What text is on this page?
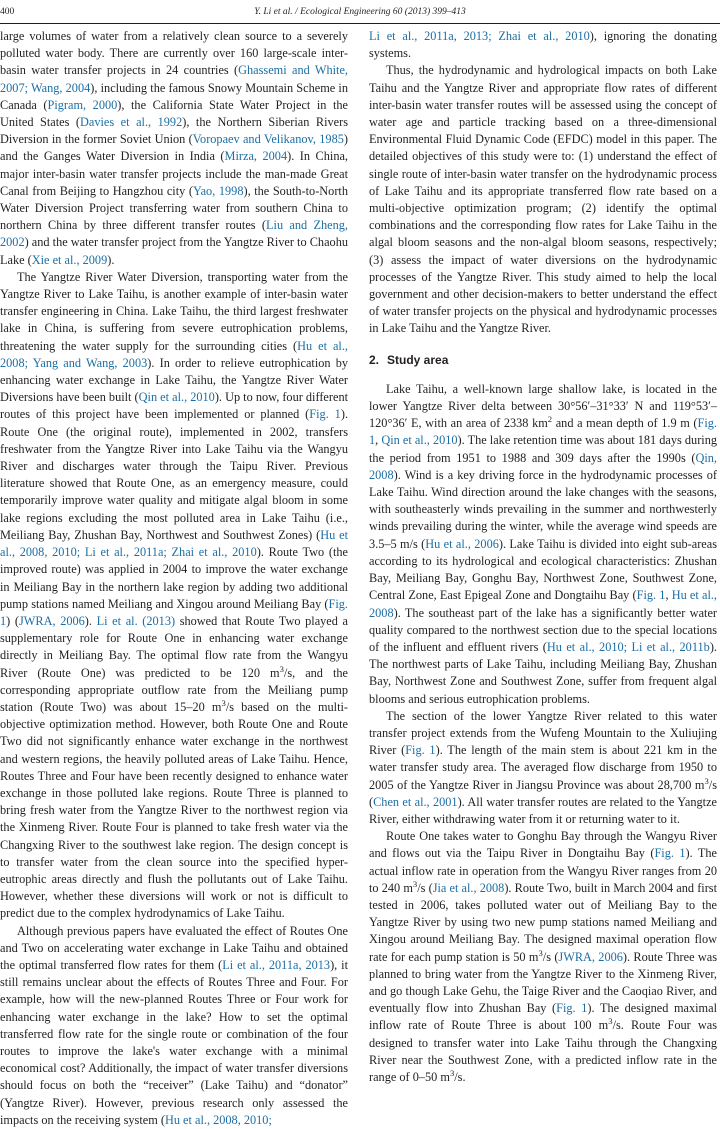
400	Y. Li et al. / Ecological Engineering 60 (2013) 399–413

large volumes of water from a relatively clean source to a severely polluted water body. There are currently over 160 large-scale inter-basin water transfer projects in 24 countries (Ghassemi and White, 2007; Wang, 2004), including the famous Snowy Mountain Scheme in Canada (Pigram, 2000), the California State Water Project in the United States (Davies et al., 1992), the Northern Siberian Rivers Diversion in the former Soviet Union (Voropaev and Velikanov, 1985) and the Ganges Water Diversion in India (Mirza, 2004). In China, major inter-basin water transfer projects include the man-made Great Canal from Beijing to Hangzhou city (Yao, 1998), the South-to-North Water Diversion Project transferring water from southern China to northern China by three different transfer routes (Liu and Zheng, 2002) and the water transfer project from the Yangtze River to Chaohu Lake (Xie et al., 2009).

The Yangtze River Water Diversion, transporting water from the Yangtze River to Lake Taihu, is another example of inter-basin water transfer engineering in China. Lake Taihu, the third largest freshwater lake in China, is suffering from severe eutrophication problems, threatening the water supply for the surrounding cities (Hu et al., 2008; Yang and Wang, 2003). In order to relieve eutrophication by enhancing water exchange in Lake Taihu, the Yangtze River Water Diversions have been built (Qin et al., 2010). Up to now, four different routes of this project have been implemented or planned (Fig. 1). Route One (the original route), implemented in 2002, transfers freshwater from the Yangtze River into Lake Taihu via the Wangyu River and discharges water through the Taipu River. Previous literature showed that Route One, as an emergency measure, could temporarily improve water quality and mitigate algal bloom in some lake regions excluding the most polluted area in Lake Taihu (i.e., Meiliang Bay, Zhushan Bay, Northwest and Southwest Zones) (Hu et al., 2008, 2010; Li et al., 2011a; Zhai et al., 2010). Route Two (the improved route) was applied in 2004 to improve the water exchange in Meiliang Bay in the northern lake region by adding two additional pump stations named Meiliang and Xingou around Meiliang Bay (Fig. 1) (JWRA, 2006). Li et al. (2013) showed that Route Two played a supplementary role for Route One in enhancing water exchange directly in Meiliang Bay. The optimal flow rate from the Wangyu River (Route One) was predicted to be 120 $m^3/s$, and the corresponding appropriate outflow rate from the Meiliang pump station (Route Two) was about 15–20 $m^3/s$ based on the multi-objective optimization method. However, both Route One and Route Two did not significantly enhance water exchange in the northwest and western regions, the heavily polluted areas of Lake Taihu. Hence, Routes Three and Four have been recently designed to enhance water exchange in those polluted lake regions. Route Three is planned to bring fresh water from the Yangtze River to the northwest region via the Xinmeng River. Route Four is planned to take fresh water via the Changxing River to the southwest lake region. The design concept is to transfer water from the clean source into the specified hyper-eutrophic areas directly and flush the pollutants out of Lake Taihu. However, whether these diversions will work or not is difficult to predict due to the complex hydrodynamics of Lake Taihu.

Although previous papers have evaluated the effect of Routes One and Two on accelerating water exchange in Lake Taihu and obtained the optimal transferred flow rates for them (Li et al., 2011a, 2013), it still remains unclear about the effects of Routes Three and Four. For example, how will the new-planned Routes Three or Four work for enhancing water exchange in the lake? How to set the optimal transferred flow rate for the single route or combination of the four routes to improve the lake's water exchange with a minimal economical cost? Additionally, the impact of water transfer diversions should focus on both the “receiver” (Lake Taihu) and “donator” (Yangtze River). However, previous research only assessed the impacts on the receiving system (Hu et al., 2008, 2010;

Li et al., 2011a, 2013; Zhai et al., 2010), ignoring the donating systems.

Thus, the hydrodynamic and hydrological impacts on both Lake Taihu and the Yangtze River and appropriate flow rates of different inter-basin water transfer routes will be assessed using the concept of water age and particle tracking based on a three-dimensional Environmental Fluid Dynamic Code (EFDC) model in this paper. The detailed objectives of this study were to: (1) understand the effect of single route of inter-basin water transfer on the hydrodynamic process of Lake Taihu and its appropriate transferred flow rate based on a multi-objective optimization program; (2) identify the optimal combinations and the corresponding flow rates for Lake Taihu in the algal bloom seasons and the non-algal bloom seasons, respectively; (3) assess the impact of water diversions on the hydrodynamic processes of the Yangtze River. This study aimed to help the local government and other decision-makers to better understand the effect of water transfer projects on the physical and hydrodynamic processes in Lake Taihu and the Yangtze River.

2. Study area

Lake Taihu, a well-known large shallow lake, is located in the lower Yangtze River delta between 30°56′–31°33′ N and 119°53′–120°36′ E, with an area of 2338 $km^2$ and a mean depth of 1.9 m (Fig. 1, Qin et al., 2010). The lake retention time was about 181 days during the period from 1951 to 1988 and 309 days after the 1990s (Qin, 2008). Wind is a key driving force in the hydrodynamic processes of Lake Taihu. Wind direction around the lake changes with the seasons, with southeasterly winds prevailing in the summer and northwesterly winds prevailing during the winter, while the average wind speeds are 3.5–5 m/s (Hu et al., 2006). Lake Taihu is divided into eight sub-areas according to its hydrological and ecological characteristics: Zhushan Bay, Meiliang Bay, Gonghu Bay, Northwest Zone, Southwest Zone, Central Zone, East Epigeal Zone and Dongtaihu Bay (Fig. 1, Hu et al., 2008). The southeast part of the lake has a significantly better water quality compared to the northwest section due to the special locations of the influent and effluent rivers (Hu et al., 2010; Li et al., 2011b). The northwest parts of Lake Taihu, including Meiliang Bay, Zhushan Bay, Northwest Zone and Southwest Zone, suffer from frequent algal blooms and serious eutrophication problems.

The section of the lower Yangtze River related to this water transfer project extends from the Wufeng Mountain to the Xuliujing River (Fig. 1). The length of the main stem is about 221 km in the water transfer study area. The averaged flow discharge from 1950 to 2005 of the Yangtze River in Jiangsu Province was about 28,700 $m^3/s$ (Chen et al., 2001). All water transfer routes are related to the Yangtze River, either withdrawing water from it or returning water to it.

Route One takes water to Gonghu Bay through the Wangyu River and flows out via the Taipu River in Dongtaihu Bay (Fig. 1). The actual inflow rate in operation from the Wangyu River ranges from 20 to 240 $m^3/s$ (Jia et al., 2008). Route Two, built in March 2004 and first tested in 2006, takes polluted water out of Meiliang Bay to the Yangtze River by using two new pump stations named Meiliang and Xingou around Meiliang Bay. The designed maximal operation flow rate for each pump station is 50 $m^3/s$ (JWRA, 2006). Route Three was planned to bring water from the Yangtze River to the Xinmeng River, and go though Lake Gehu, the Taige River and the Caoqiao River, and eventually flow into Zhushan Bay (Fig. 1). The designed maximal inflow rate of Route Three is about 100 $m^3/s$. Route Four was designed to transfer water into Lake Taihu through the Changxing River near the Southwest Zone, with a predicted inflow rate in the range of 0–50 $m^3/s$.
